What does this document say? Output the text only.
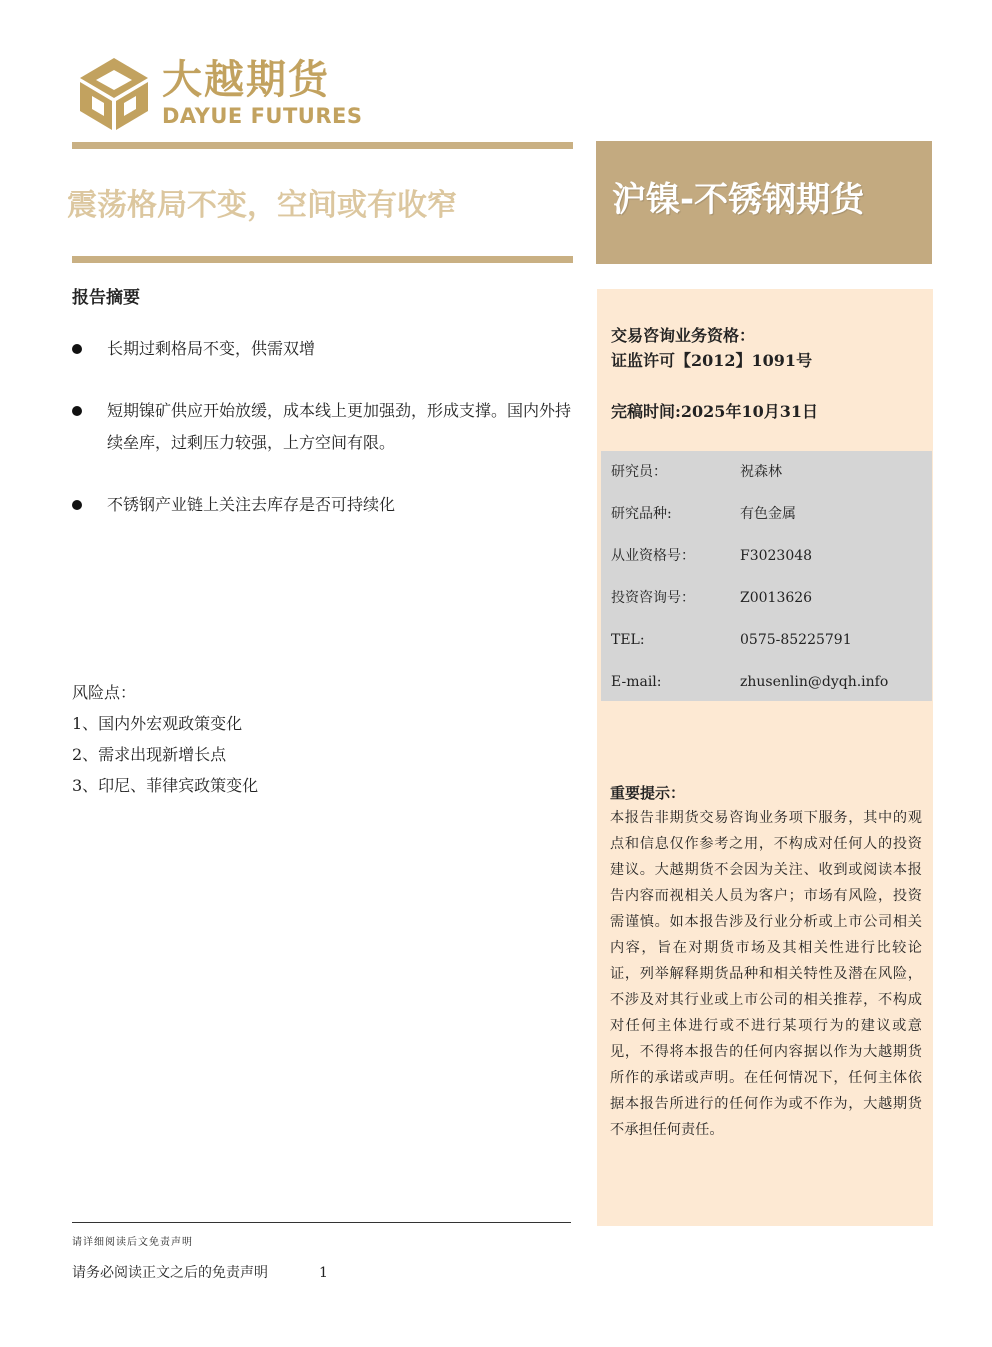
大越期货
DAYUE FUTURES
震荡格局不变，空间或有收窄	沪镍-不锈钢期货
报告摘要
长期过剩格局不变，供需双增
短期镍矿供应开始放缓，成本线上更加强劲，形成支撑。国内外持续垒库，过剩压力较强，上方空间有限。
不锈钢产业链上关注去库存是否可持续化
风险点：
1、国内外宏观政策变化
2、需求出现新增长点
3、印尼、菲律宾政策变化
交易咨询业务资格：
证监许可【2012】1091号
完稿时间:2025年10月31日
研究员：	祝森林
研究品种:	有色金属
从业资格号：	F3023048
投资咨询号：	Z0013626
TEL:	0575-85225791
E-mail:	zhusenlin@dyqh.info
重要提示：
本报告非期货交易咨询业务项下服务，其中的观点和信息仅作参考之用，不构成对任何人的投资建议。大越期货不会因为关注、收到或阅读本报告内容而视相关人员为客户；市场有风险，投资需谨慎。如本报告涉及行业分析或上市公司相关内容，旨在对期货市场及其相关性进行比较论证，列举解释期货品种和相关特性及潜在风险，不涉及对其行业或上市公司的相关推荐，不构成对任何主体进行或不进行某项行为的建议或意见，不得将本报告的任何内容据以作为大越期货所作的承诺或声明。在任何情况下，任何主体依据本报告所进行的任何作为或不作为，大越期货不承担任何责任。
请详细阅读后文免责声明
请务必阅读正文之后的免责声明	1
